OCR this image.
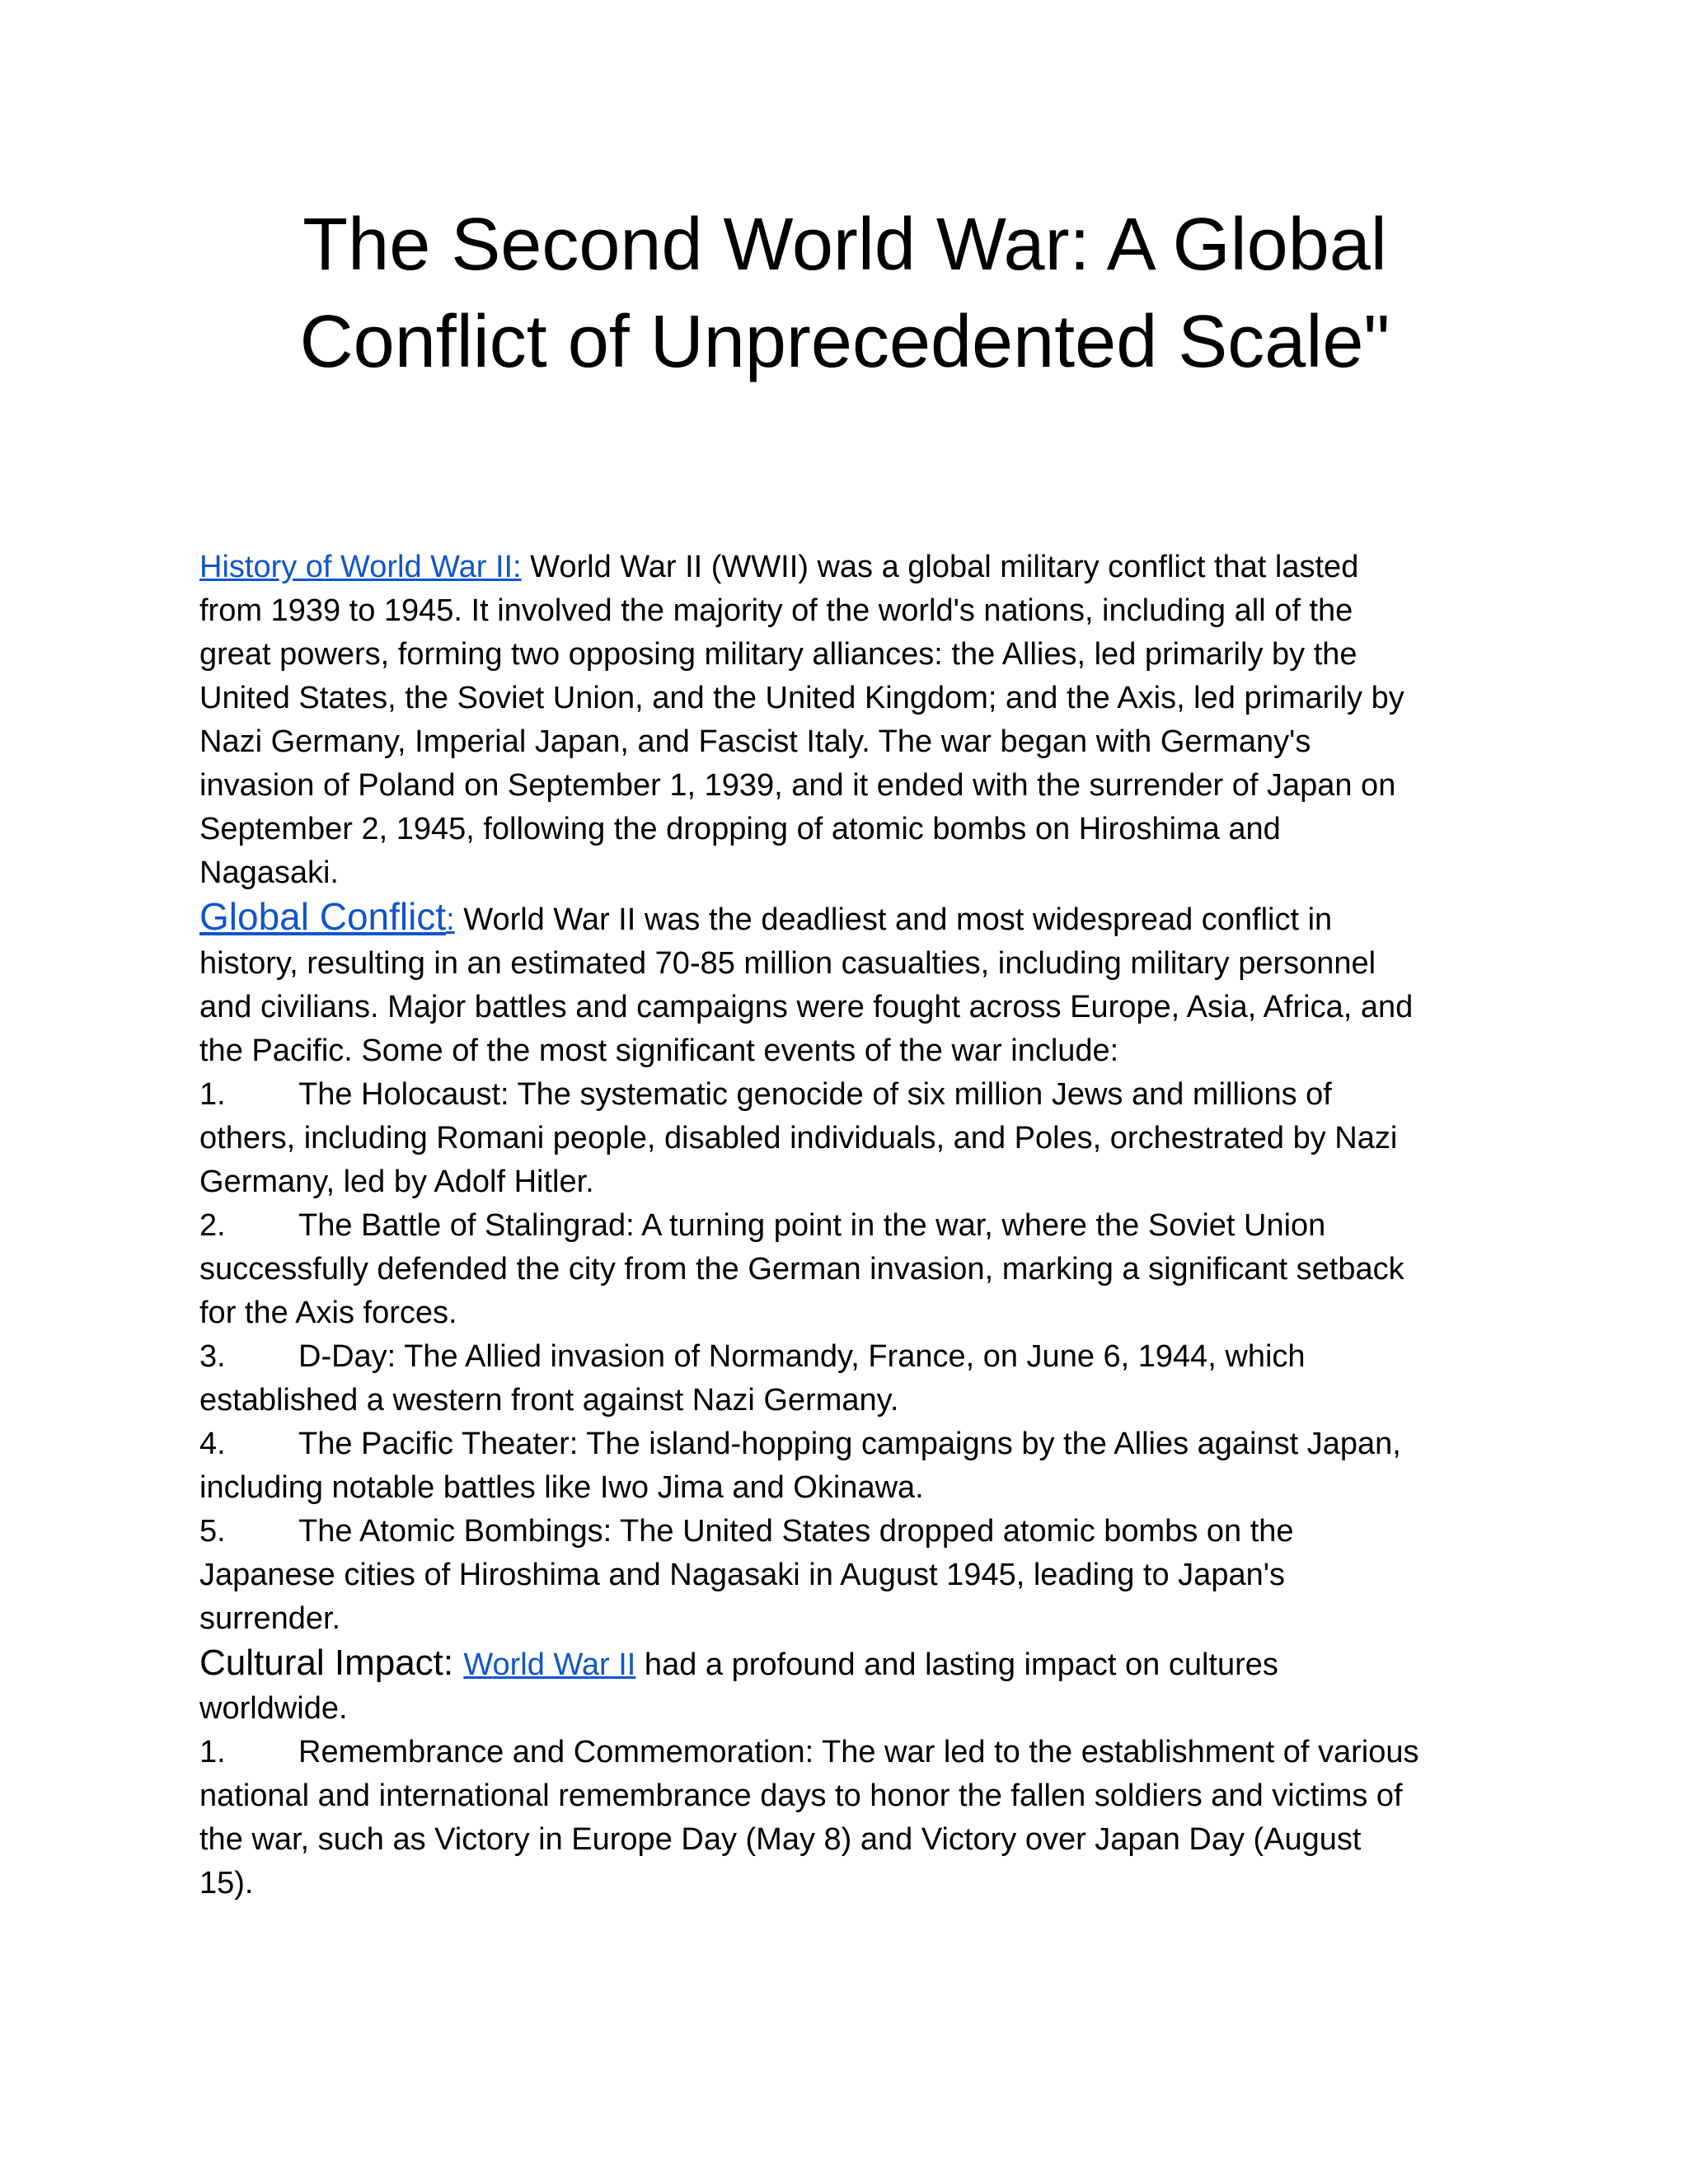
The Second World War: A Global
Conflict of Unprecedented Scale"
History of World War II: World War II (WWII) was a global military conflict that lasted
from 1939 to 1945. It involved the majority of the world's nations, including all of the
great powers, forming two opposing military alliances: the Allies, led primarily by the
United States, the Soviet Union, and the United Kingdom; and the Axis, led primarily by
Nazi Germany, Imperial Japan, and Fascist Italy. The war began with Germany's
invasion of Poland on September 1, 1939, and it ended with the surrender of Japan on
September 2, 1945, following the dropping of atomic bombs on Hiroshima and
Nagasaki.
Global Conflict: World War II was the deadliest and most widespread conflict in
history, resulting in an estimated 70-85 million casualties, including military personnel
and civilians. Major battles and campaigns were fought across Europe, Asia, Africa, and
the Pacific. Some of the most significant events of the war include:
1. The Holocaust: The systematic genocide of six million Jews and millions of
others, including Romani people, disabled individuals, and Poles, orchestrated by Nazi
Germany, led by Adolf Hitler.
2. The Battle of Stalingrad: A turning point in the war, where the Soviet Union
successfully defended the city from the German invasion, marking a significant setback
for the Axis forces.
3. D-Day: The Allied invasion of Normandy, France, on June 6, 1944, which
established a western front against Nazi Germany.
4. The Pacific Theater: The island-hopping campaigns by the Allies against Japan,
including notable battles like Iwo Jima and Okinawa.
5. The Atomic Bombings: The United States dropped atomic bombs on the
Japanese cities of Hiroshima and Nagasaki in August 1945, leading to Japan's
surrender.
Cultural Impact: World War II had a profound and lasting impact on cultures
worldwide.
1. Remembrance and Commemoration: The war led to the establishment of various
national and international remembrance days to honor the fallen soldiers and victims of
the war, such as Victory in Europe Day (May 8) and Victory over Japan Day (August
15).
